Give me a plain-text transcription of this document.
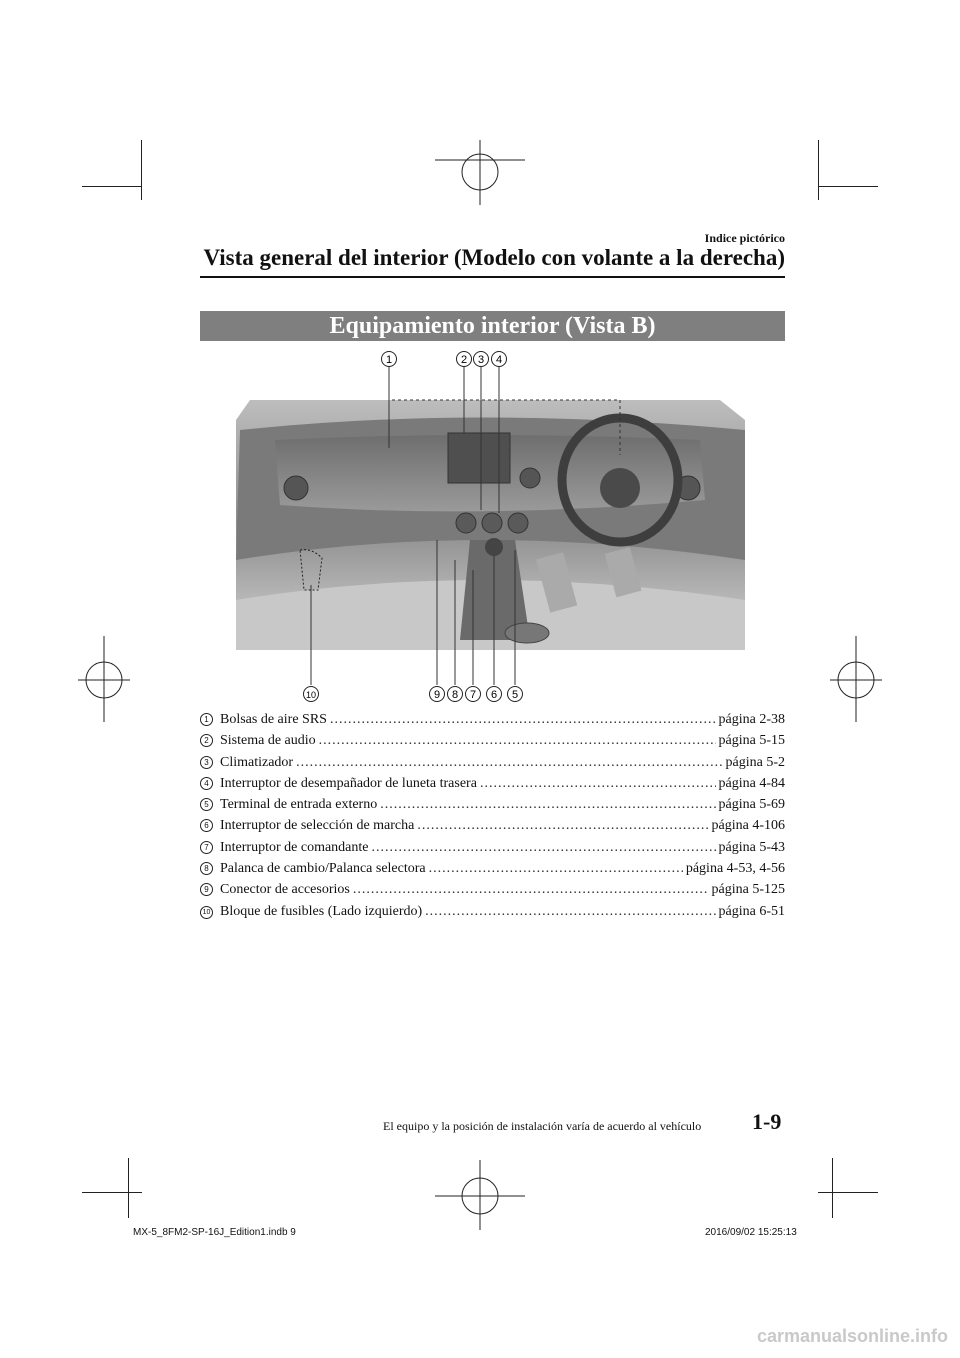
Indice pictórico
Vista general del interior (Modelo con volante a la derecha)
Equipamiento interior (Vista B)
1	2 3 4
10	9 8 7 6 5
1 Bolsas de aire SRS .....	página 2-38
2 Sistema de audio .....	página 5-15
3 Climatizador .....	página 5-2
4 Interruptor de desempañador de luneta trasera .....	página 4-84
5 Terminal de entrada externo .....	página 5-69
6 Interruptor de selección de marcha .....	página 4-106
7 Interruptor de comandante .....	página 5-43
8 Palanca de cambio/Palanca selectora .....	página 4-53, 4-56
9 Conector de accesorios .....	página 5-125
10 Bloque de fusibles (Lado izquierdo) .....	página 6-51
El equipo y la posición de instalación varía de acuerdo al vehículo 1-9
MX-5_8FM2-SP-16J_Edition1.indb 9	2016/09/02 15:25:13
carmanualsonline.info
